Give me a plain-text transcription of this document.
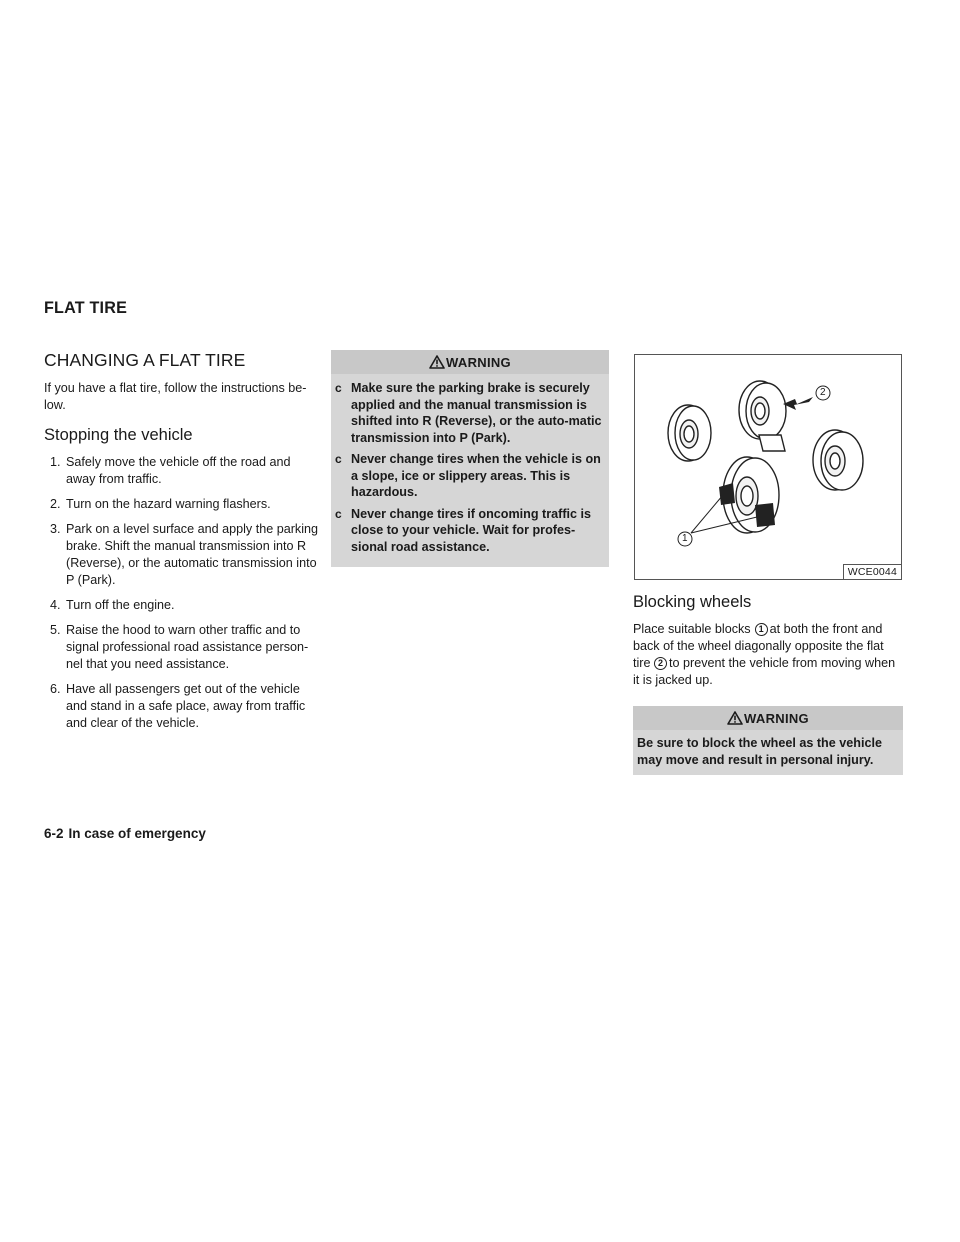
FLAT TIRE
CHANGING A FLAT TIRE

If you have a flat tire, follow the instructions be-low.

Stopping the vehicle
1. Safely move the vehicle off the road and away from traffic.
2. Turn on the hazard warning flashers.
3. Park on a level surface and apply the parking brake. Shift the manual transmission into R (Reverse), or the automatic transmission into P (Park).
4. Turn off the engine.
5. Raise the hood to warn other traffic and to signal professional road assistance person-nel that you need assistance.
6. Have all passengers get out of the vehicle and stand in a safe place, away from traffic and clear of the vehicle.
WARNING
c Make sure the parking brake is securely applied and the manual transmission is shifted into R (Reverse), or the auto-matic transmission into P (Park).
c Never change tires when the vehicle is on a slope, ice or slippery areas. This is hazardous.
c Never change tires if oncoming traffic is close to your vehicle. Wait for profes-sional road assistance.
1
2
WCE0044
Blocking wheels

Place suitable blocks 1 at both the front and back of the wheel diagonally opposite the flat tire 2 to prevent the vehicle from moving when it is jacked up.

WARNING
Be sure to block the wheel as the vehicle may move and result in personal injury.
6-2 In case of emergency
